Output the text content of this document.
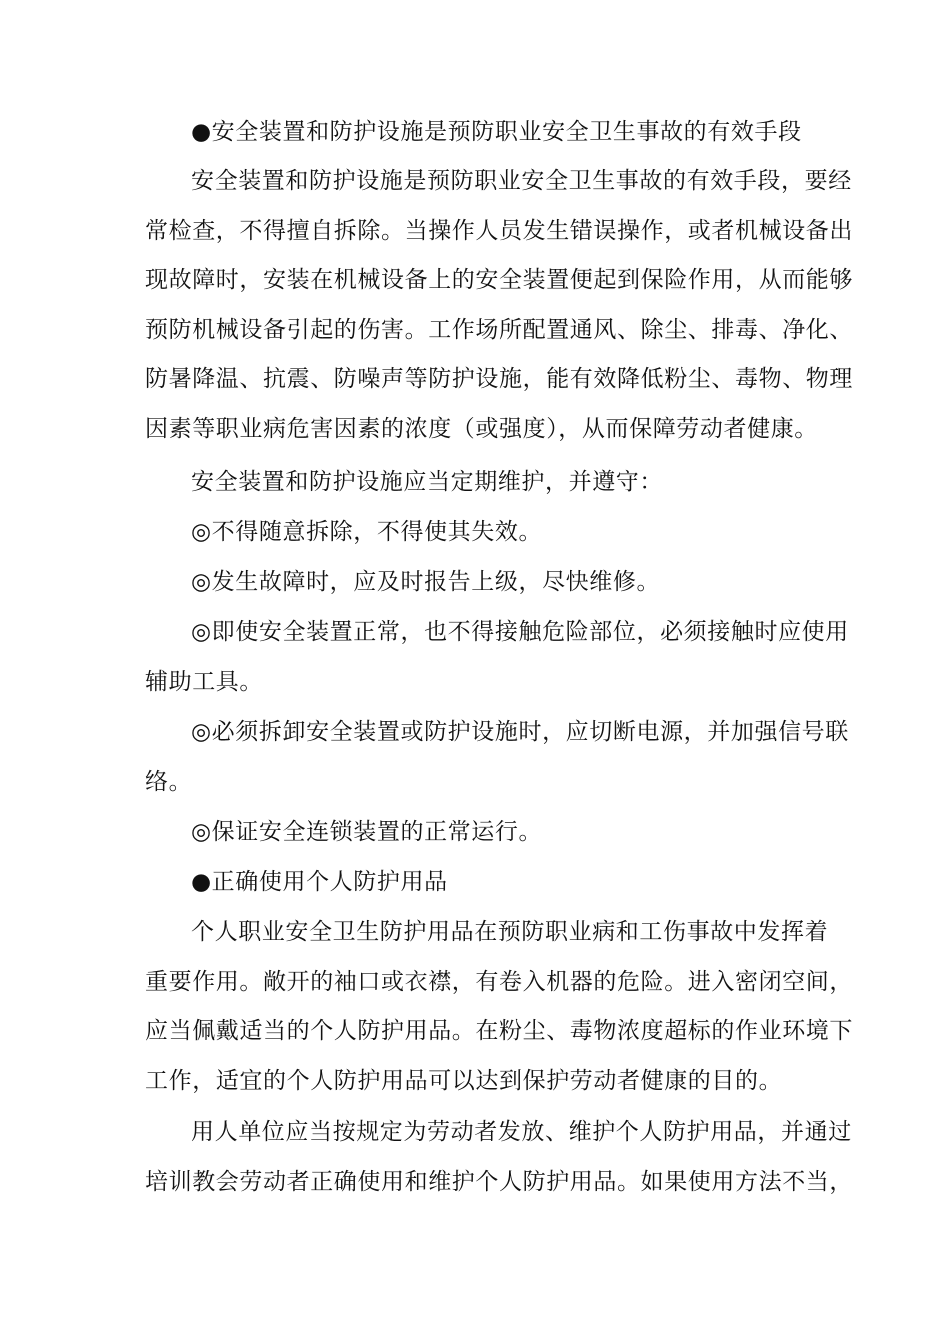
●安全装置和防护设施是预防职业安全卫生事故的有效手段

安全装置和防护设施是预防职业安全卫生事故的有效手段，要经
常检查，不得擅自拆除。当操作人员发生错误操作，或者机械设备出
现故障时，安装在机械设备上的安全装置便起到保险作用，从而能够
预防机械设备引起的伤害。工作场所配置通风、除尘、排毒、净化、
防暑降温、抗震、防噪声等防护设施，能有效降低粉尘、毒物、物理
因素等职业病危害因素的浓度（或强度），从而保障劳动者健康。

安全装置和防护设施应当定期维护，并遵守：

◎不得随意拆除，不得使其失效。

◎发生故障时，应及时报告上级，尽快维修。

◎即使安全装置正常，也不得接触危险部位，必须接触时应使用
辅助工具。

◎必须拆卸安全装置或防护设施时，应切断电源，并加强信号联
络。

◎保证安全连锁装置的正常运行。

●正确使用个人防护用品

个人职业安全卫生防护用品在预防职业病和工伤事故中发挥着
重要作用。敞开的袖口或衣襟，有卷入机器的危险。进入密闭空间，
应当佩戴适当的个人防护用品。在粉尘、毒物浓度超标的作业环境下
工作，适宜的个人防护用品可以达到保护劳动者健康的目的。

用人单位应当按规定为劳动者发放、维护个人防护用品，并通过
培训教会劳动者正确使用和维护个人防护用品。如果使用方法不当，
